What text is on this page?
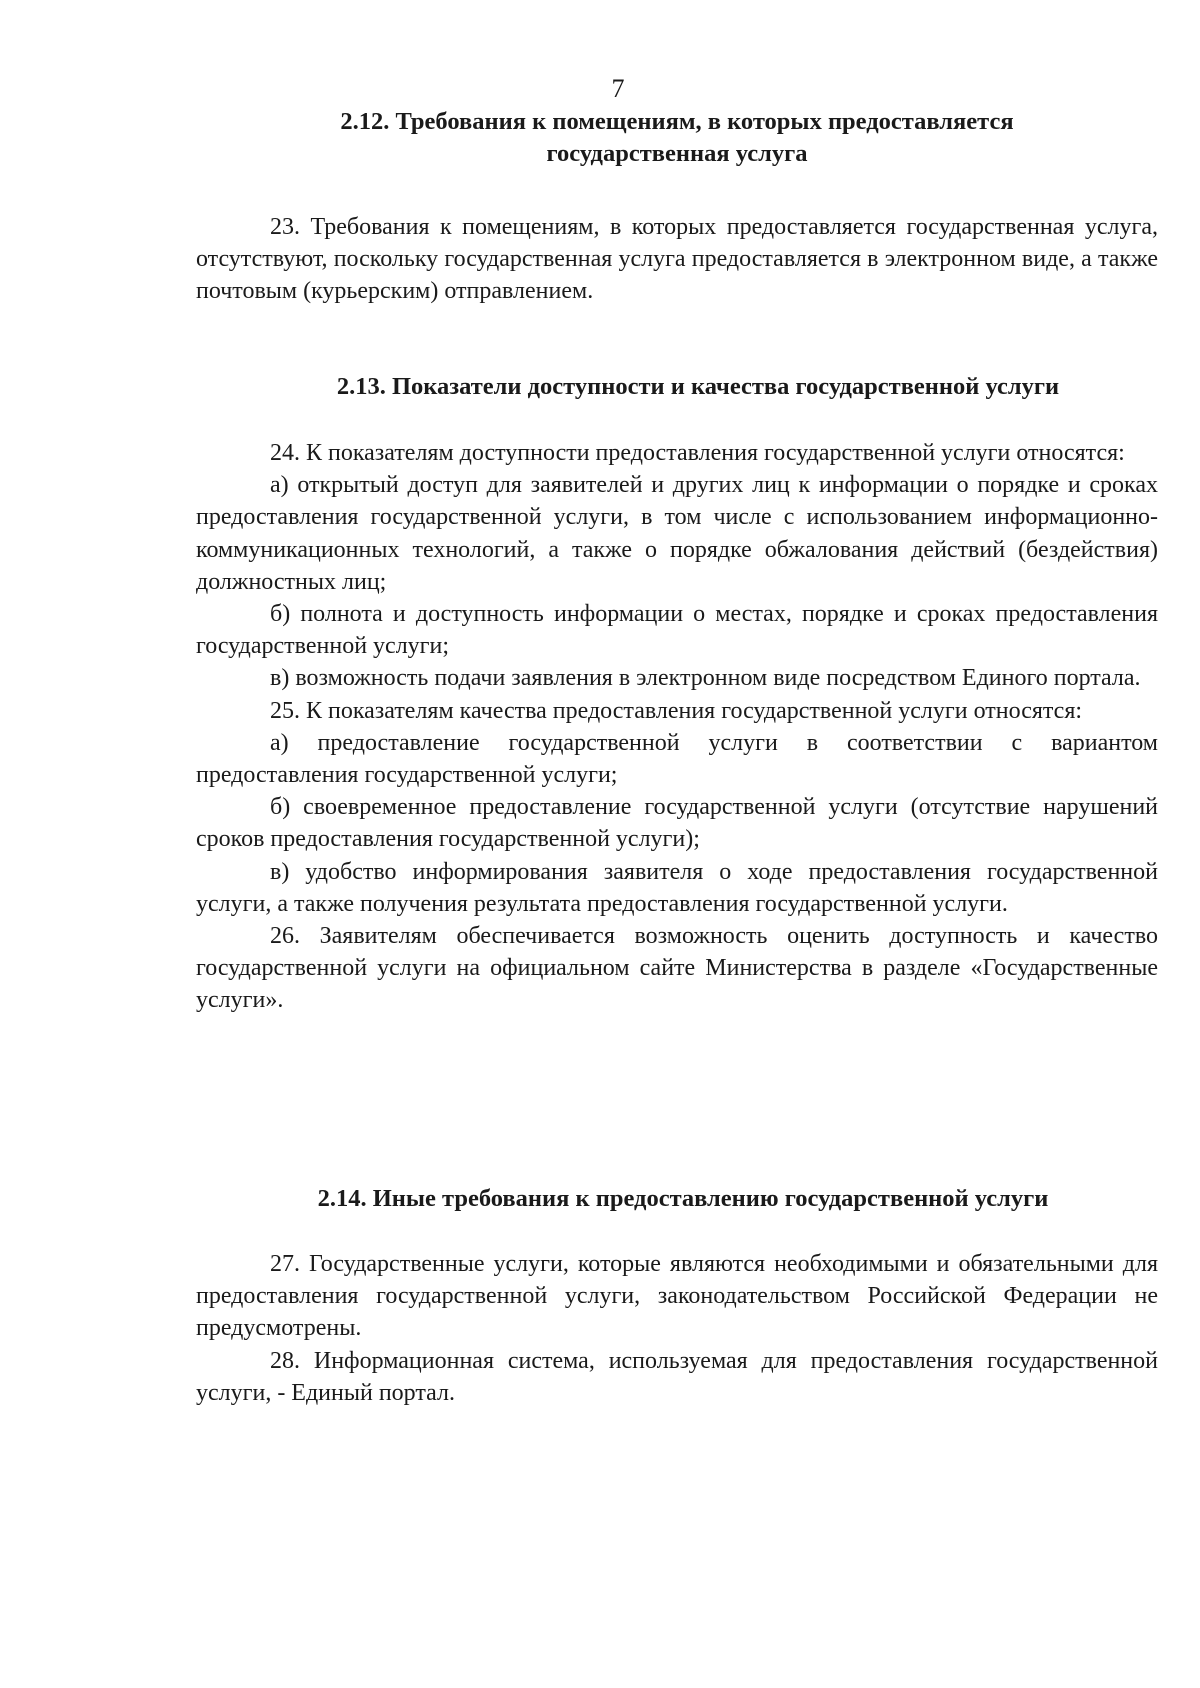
7
2.12. Требования к помещениям, в которых предоставляется
государственная услуга

23. Требования к помещениям, в которых предоставляется государственная услуга, отсутствуют, поскольку государственная услуга предоставляется в электронном виде, а также почтовым (курьерским) отправлением.

2.13. Показатели доступности и качества государственной услуги

24. К показателям доступности предоставления государственной услуги относятся:

а) открытый доступ для заявителей и других лиц к информации о порядке и сроках предоставления государственной услуги, в том числе с использованием информационно-коммуникационных технологий, а также о порядке обжалования действий (бездействия) должностных лиц;

б) полнота и доступность информации о местах, порядке и сроках предоставления государственной услуги;

в) возможность подачи заявления в электронном виде посредством Единого портала.

25. К показателям качества предоставления государственной услуги относятся:

а) предоставление государственной услуги в соответствии с вариантом предоставления государственной услуги;

б) своевременное предоставление государственной услуги (отсутствие нарушений сроков предоставления государственной услуги);

в) удобство информирования заявителя о ходе предоставления государственной услуги, а также получения результата предоставления государственной услуги.

26. Заявителям обеспечивается возможность оценить доступность и качество государственной услуги на официальном сайте Министерства в разделе «Государственные услуги».

2.14. Иные требования к предоставлению государственной услуги

27. Государственные услуги, которые являются необходимыми и обязательными для предоставления государственной услуги, законодательством Российской Федерации не предусмотрены.

28. Информационная система, используемая для предоставления государственной услуги, - Единый портал.
